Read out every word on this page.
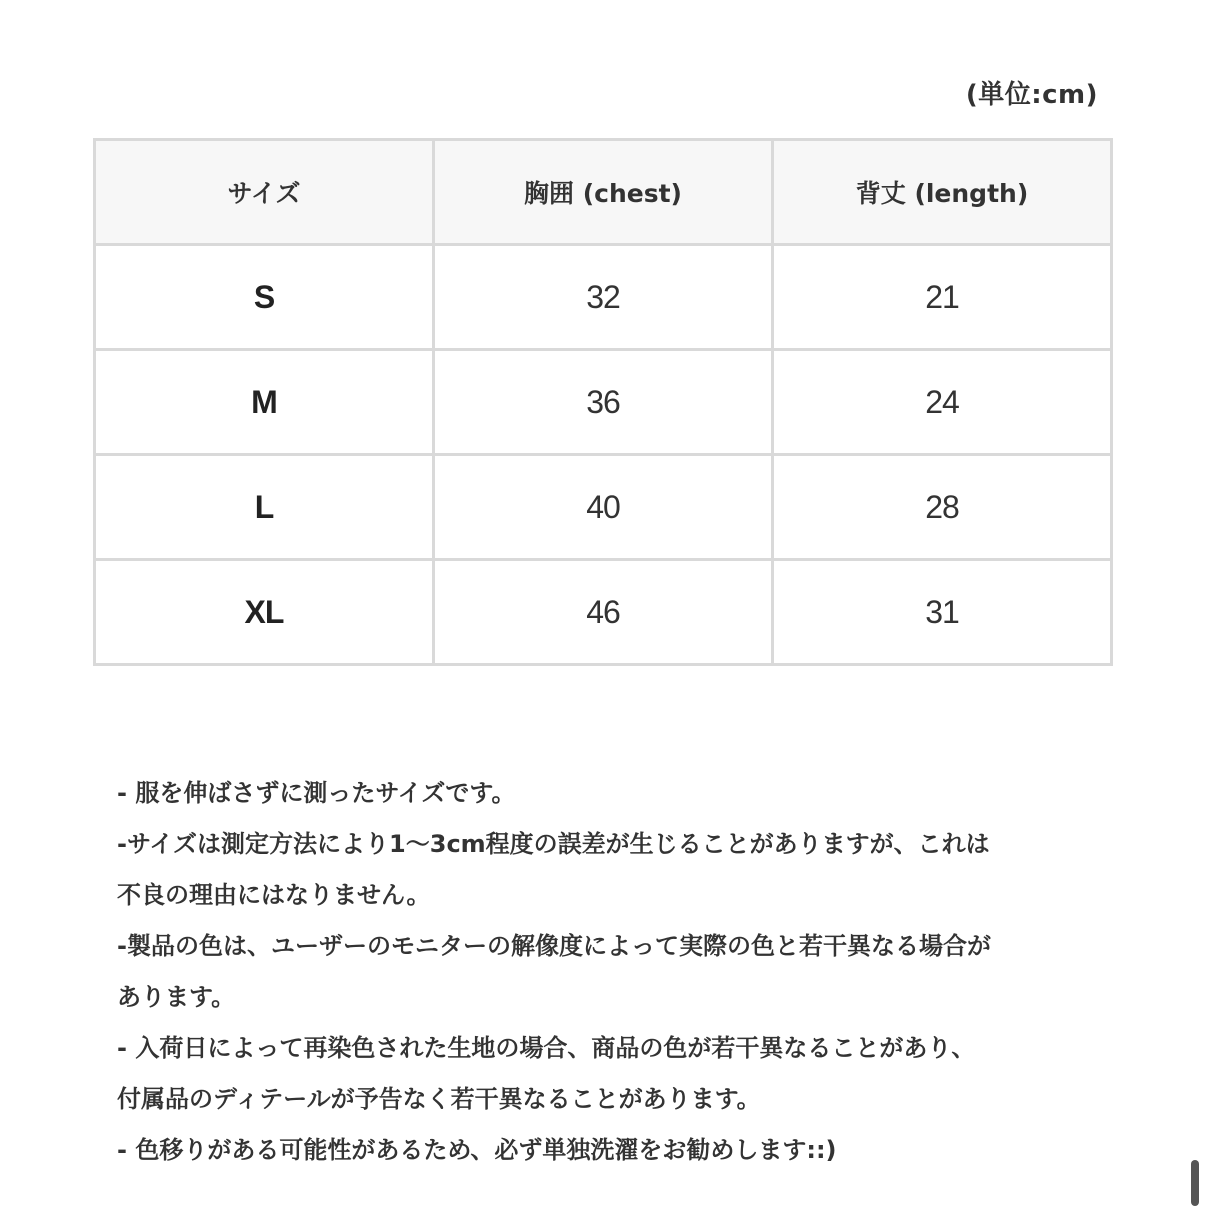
(単位:cm)
サイズ	胸囲 (chest)	背丈 (length)
S	32	21
M	36	24
L	40	28
XL	46	31
- 服を伸ばさずに測ったサイズです。
-サイズは測定方法により1～3cm程度の誤差が生じることがありますが、これは
不良の理由にはなりません。
-製品の色は、ユーザーのモニターの解像度によって実際の色と若干異なる場合が
あります。
- 入荷日によって再染色された生地の場合、商品の色が若干異なることがあり、
付属品のディテールが予告なく若干異なることがあります。
- 色移りがある可能性があるため、必ず単独洗濯をお勧めします::)
